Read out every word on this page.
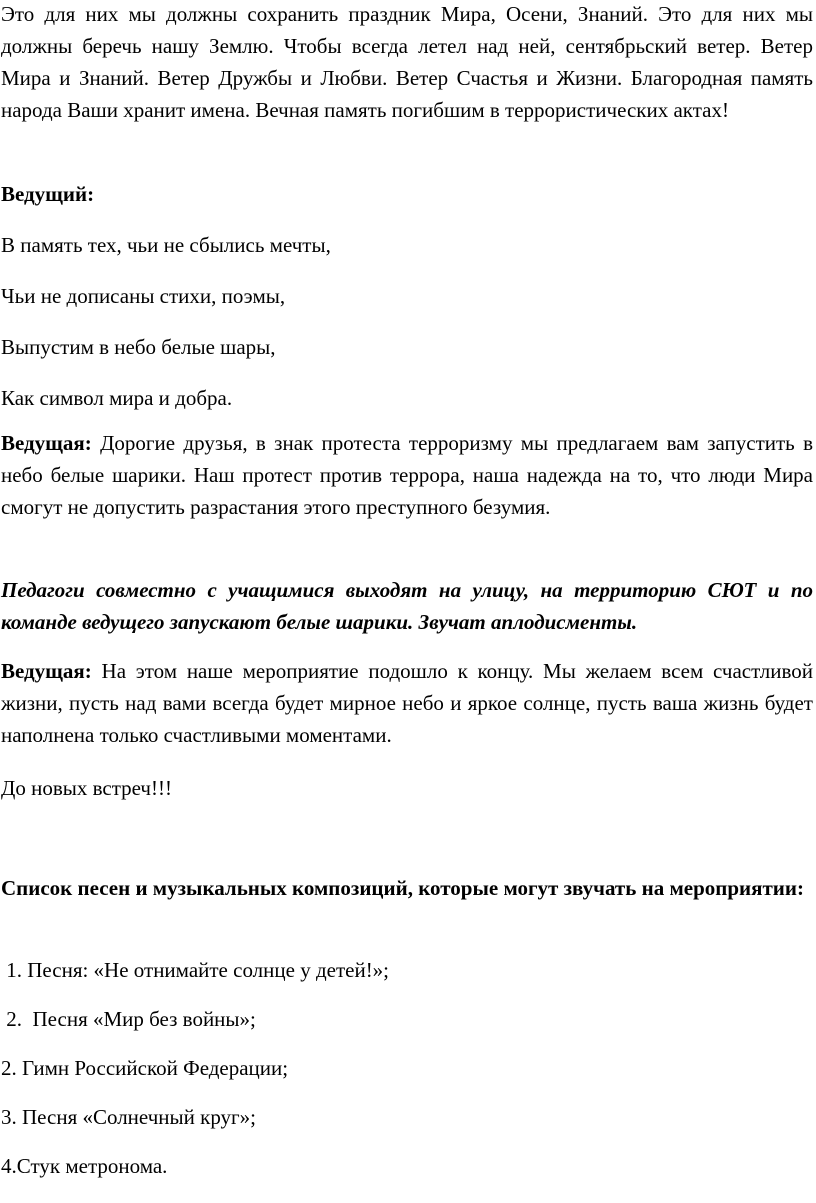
Это для них мы должны сохранить праздник Мира, Осени, Знаний. Это для них мы должны беречь нашу Землю. Чтобы всегда летел над ней, сентябрьский ветер. Ветер Мира и Знаний. Ветер Дружбы и Любви. Ветер Счастья и Жизни. Благородная память народа Ваши хранит имена. Вечная память погибшим в террористических актах!

Ведущий:

В память тех, чьи не сбылись мечты,

Чьи не дописаны стихи, поэмы,

Выпустим в небо белые шары,

Как символ мира и добра.

Ведущая: Дорогие друзья, в знак протеста терроризму мы предлагаем вам запустить в небо белые шарики. Наш протест против террора, наша надежда на то, что люди Мира смогут не допустить разрастания этого преступного безумия.

Педагоги совместно с учащимися выходят на улицу, на территорию СЮТ и по команде ведущего запускают белые шарики. Звучат аплодисменты.

Ведущая: На этом наше мероприятие подошло к концу. Мы желаем всем счастливой жизни, пусть над вами всегда будет мирное небо и яркое солнце, пусть ваша жизнь будет наполнена только счастливыми моментами.

До новых встреч!!!

Список песен и музыкальных композиций, которые могут звучать на мероприятии:

1. Песня: «Не отнимайте солнце у детей!»;

2.  Песня «Мир без войны»;

2. Гимн Российской Федерации;

3. Песня «Солнечный круг»;

4.Стук метронома.
